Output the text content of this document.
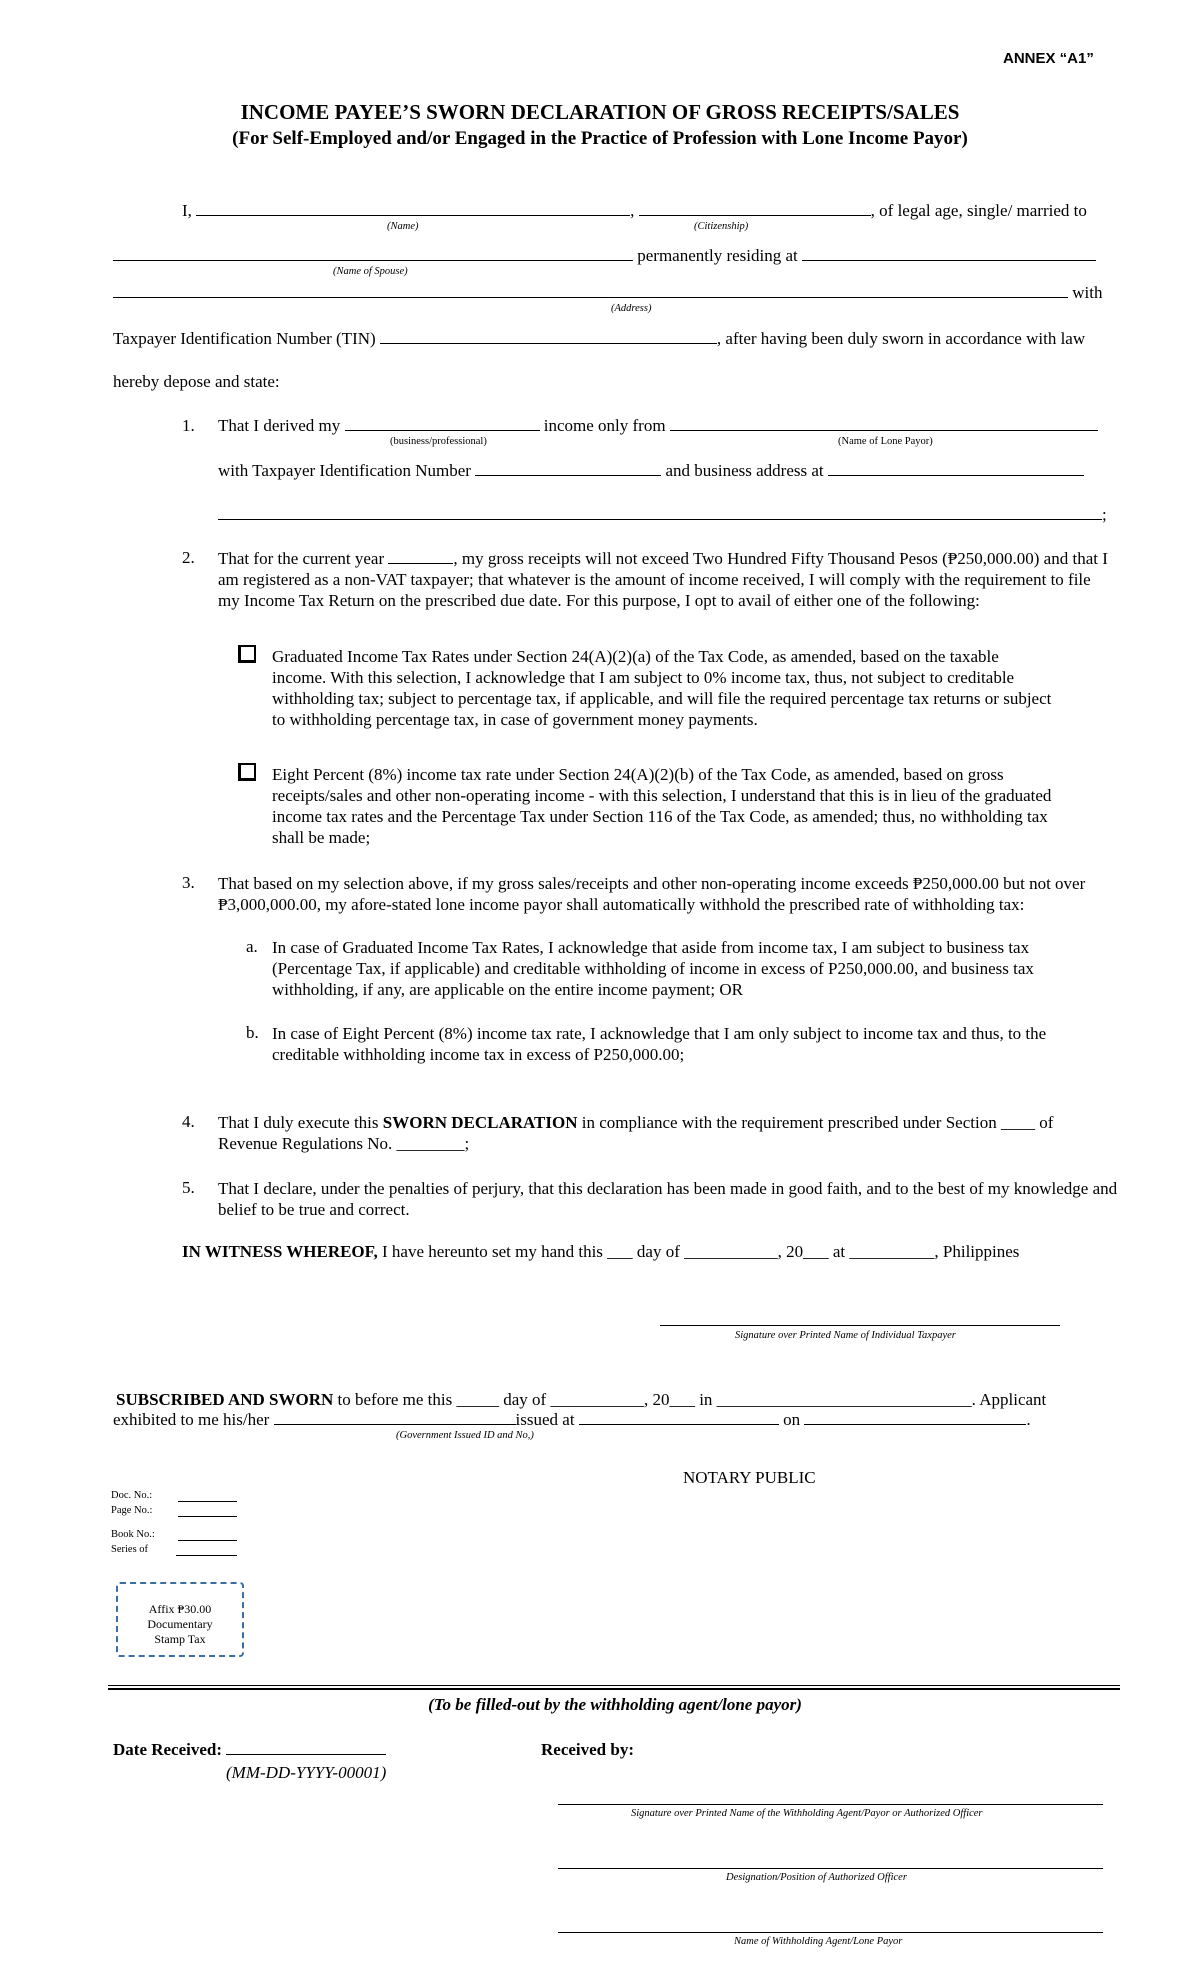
ANNEX “A1”
INCOME PAYEE’S SWORN DECLARATION OF GROSS RECEIPTS/SALES
(For Self-Employed and/or Engaged in the Practice of Profession with Lone Income Payor)
I,	,	, of legal age, single/ married to
(Name)	(Citizenship)
permanently residing at
(Name of Spouse)
with
(Address)
Taxpayer Identification Number (TIN)	, after having been duly sworn in accordance with law
hereby depose and state:
1. That I derived my	income only from
(business/professional)	(Name of Lone Payor)
with Taxpayer Identification Number	and business address at
;
2. That for the current year	, my gross receipts will not exceed Two Hundred Fifty Thousand Pesos (₱250,000.00) and that I am registered as a non-VAT taxpayer; that whatever is the amount of income received, I will comply with the requirement to file my Income Tax Return on the prescribed due date. For this purpose, I opt to avail of either one of the following:
Graduated Income Tax Rates under Section 24(A)(2)(a) of the Tax Code, as amended, based on the taxable income. With this selection, I acknowledge that I am subject to 0% income tax, thus, not subject to creditable withholding tax; subject to percentage tax, if applicable, and will file the required percentage tax returns or subject to withholding percentage tax, in case of government money payments.
Eight Percent (8%) income tax rate under Section 24(A)(2)(b) of the Tax Code, as amended, based on gross receipts/sales and other non-operating income - with this selection, I understand that this is in lieu of the graduated income tax rates and the Percentage Tax under Section 116 of the Tax Code, as amended; thus, no withholding tax shall be made;
3. That based on my selection above, if my gross sales/receipts and other non-operating income exceeds ₱250,000.00 but not over ₱3,000,000.00, my afore-stated lone income payor shall automatically withhold the prescribed rate of withholding tax:
a. In case of Graduated Income Tax Rates, I acknowledge that aside from income tax, I am subject to business tax (Percentage Tax, if applicable) and creditable withholding of income in excess of P250,000.00, and business tax withholding, if any, are applicable on the entire income payment; OR
b. In case of Eight Percent (8%) income tax rate, I acknowledge that I am only subject to income tax and thus, to the creditable withholding income tax in excess of P250,000.00;
4. That I duly execute this SWORN DECLARATION in compliance with the requirement prescribed under Section ____ of Revenue Regulations No. ________;
5. That I declare, under the penalties of perjury, that this declaration has been made in good faith, and to the best of my knowledge and belief to be true and correct.
IN WITNESS WHEREOF, I have hereunto set my hand this ___ day of ___________, 20___ at __________, Philippines
Signature over Printed Name of Individual Taxpayer
SUBSCRIBED AND SWORN to before me this _____ day of ___________, 20___ in ______________________________. Applicant
exhibited to me his/her	issued at	on	.
(Government Issued ID and No,)
NOTARY PUBLIC
Doc. No.:
Page No.:
Book No.:
Series of
Affix ₱30.00
Documentary
Stamp Tax
(To be filled-out by the withholding agent/lone payor)
Date Received:
(MM-DD-YYYY-00001)
Received by:
Signature over Printed Name of the Withholding Agent/Payor or Authorized Officer
Designation/Position of Authorized Officer
Name of Withholding Agent/Lone Payor
